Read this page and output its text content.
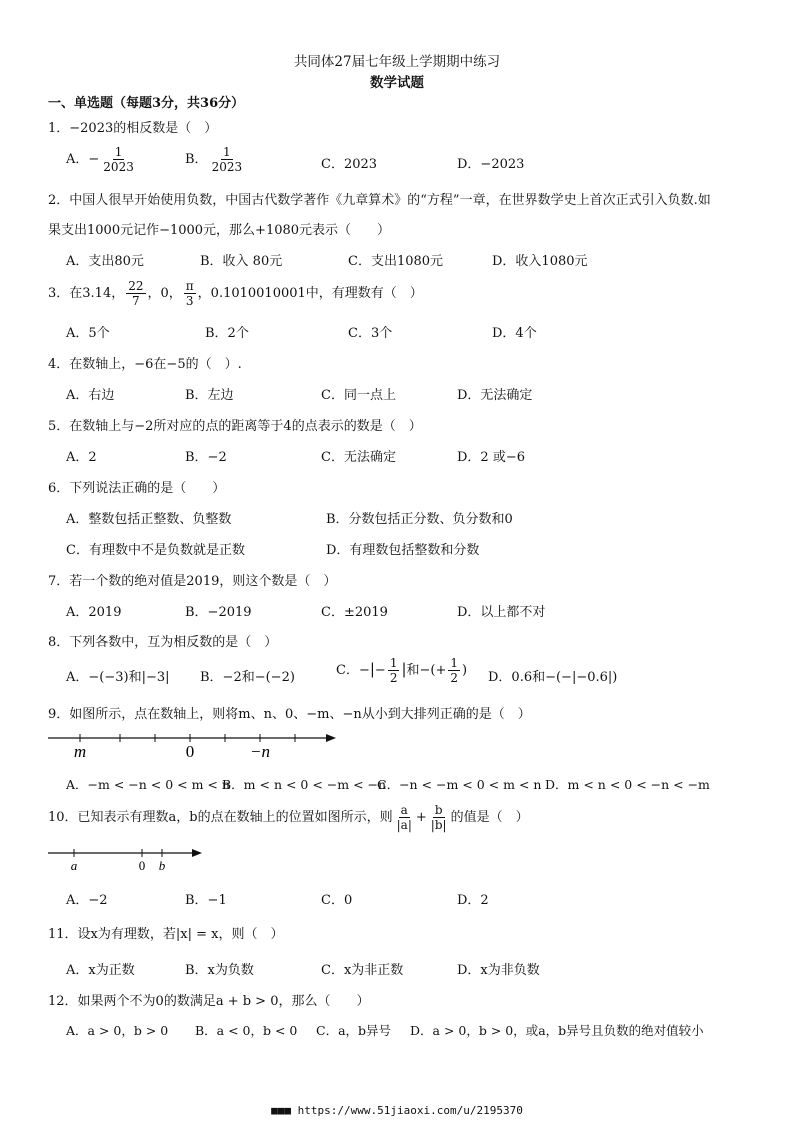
共同体27届七年级上学期期中练习
数学试题
一、单选题（每题3分，共36分）
1．−2023的相反数是（　）
A．− $\frac{1}{2023}$	B． $\frac{1}{2023}$	C．2023	D．−2023
2．中国人很早开始使用负数，中国古代数学著作《九章算术》的“方程”一章，在世界数学史上首次正式引入负数.如
果支出1000元记作−1000元，那么+1080元表示（　　）
A．支出80元	B．收入 80元	C．支出1080元	D．收入1080元
3．在3.14， $\frac{22}{7}$ ，0， $\frac{\pi}{3}$ ，0.1010010001中，有理数有（　）
A．5个	B．2个	C．3个	D．4个
4．在数轴上，−6在−5的（　）.
A．右边	B．左边	C．同一点上	D．无法确定
5．在数轴上与−2所对应的点的距离等于4的点表示的数是（　）
A．2	B．−2	C．无法确定	D．2 或−6
6．下列说法正确的是（　　）
A．整数包括正整数、负整数	B．分数包括正分数、负分数和0
C．有理数中不是负数就是正数	D．有理数包括整数和分数
7．若一个数的绝对值是2019，则这个数是（　）
A．2019	B．−2019	C．±2019	D．以上都不对
8．下列各数中，互为相反数的是（　）
A．−(−3)和|−3| B．−2和−(−2)	C．−|− $\frac{1}{2}$ |和−(+ $\frac{1}{2}$ ) D．0.6和−(−|−0.6|)
9．如图所示，点在数轴上，则将m、n、0、−m、−n从小到大排列正确的是（　）
m	0	−n
A．−m < −n < 0 < m < n
B．m < n < 0 < −m < −n
C．−n < −m < 0 < m < n D．m < n < 0 < −n < −m
10．已知表示有理数a，b的点在数轴上的位置如图所示，则 $\frac{a}{|a|} + \frac{b}{|b|}$ 的值是（　）
a	0 b
A．−2	B．−1	C．0	D．2
11．设x为有理数，若|x| = x，则（　）
A．x为正数	B．x为负数	C．x为非正数	D．x为非负数
12．如果两个不为0的数满足a + b > 0，那么（　　）
A．a > 0，b > 0 B．a < 0，b < 0 C．a，b异号 D．a > 0，b > 0，或a，b异号且负数的绝对值较小
■■■ https://www.51jiaoxi.com/u/2195370
